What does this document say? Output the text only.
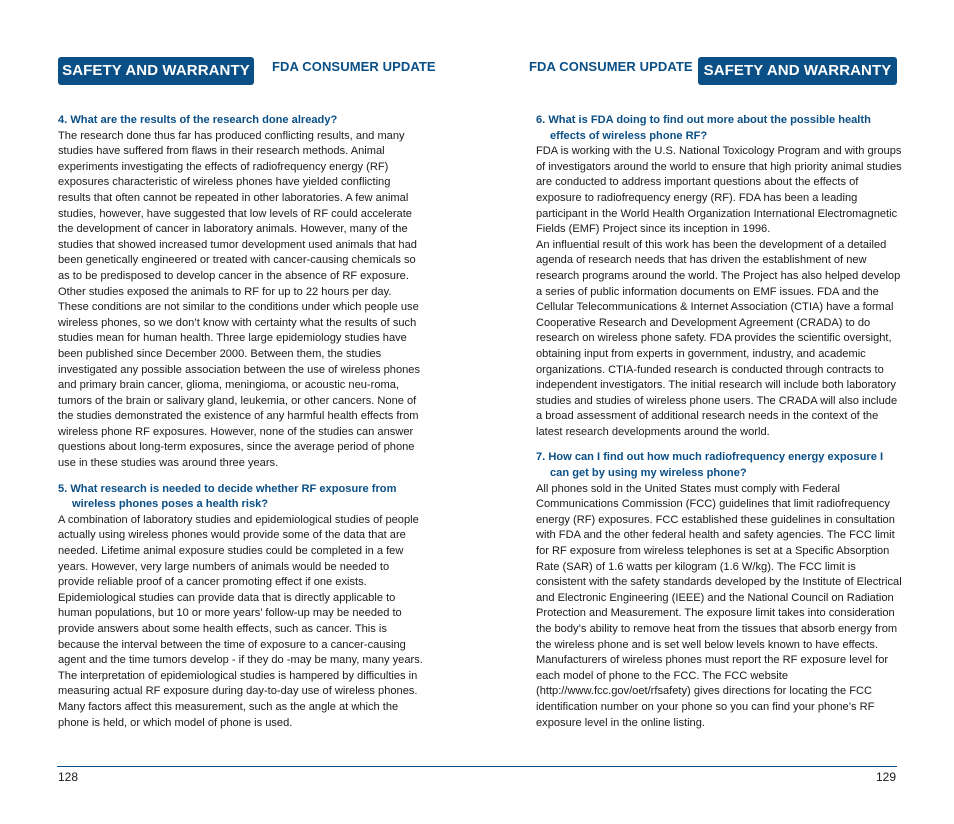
SAFETY AND WARRANTY	FDA CONSUMER UPDATE

4. What are the results of the research done already?

The research done thus far has produced conflicting results, and many studies have suffered from flaws in their research methods. Animal experiments investigating the effects of radiofrequency energy (RF) exposures characteristic of wireless phones have yielded conflicting results that often cannot be repeated in other laboratories. A few animal studies, however, have suggested that low levels of RF could accelerate the development of cancer in laboratory animals. However, many of the studies that showed increased tumor development used animals that had been genetically engineered or treated with cancer-causing chemicals so as to be predisposed to develop cancer in the absence of RF exposure. Other studies exposed the animals to RF for up to 22 hours per day. These conditions are not similar to the conditions under which people use wireless phones, so we don’t know with certainty what the results of such studies mean for human health. Three large epidemiology studies have been published since December 2000. Between them, the studies investigated any possible association between the use of wireless phones and primary brain cancer, glioma, meningioma, or acoustic neu-roma, tumors of the brain or salivary gland, leukemia, or other cancers. None of the studies demonstrated the existence of any harmful health effects from wireless phone RF exposures. However, none of the studies can answer questions about long-term exposures, since the average period of phone use in these studies was around three years.

5. What research is needed to decide whether RF exposure from wireless phones poses a health risk?

A combination of laboratory studies and epidemiological studies of people actually using wireless phones would provide some of the data that are needed. Lifetime animal exposure studies could be completed in a few years. However, very large numbers of animals would be needed to provide reliable proof of a cancer promoting effect if one exists. Epidemiological studies can provide data that is directly applicable to human populations, but 10 or more years’ follow-up may be needed to provide answers about some health effects, such as cancer. This is because the interval between the time of exposure to a cancer-causing agent and the time tumors develop - if they do -may be many, many years. The interpretation of epidemiological studies is hampered by difficulties in measuring actual RF exposure during day-to-day use of wireless phones. Many factors affect this measurement, such as the angle at which the phone is held, or which model of phone is used.

128
FDA CONSUMER UPDATE SAFETY AND WARRANTY

6. What is FDA doing to find out more about the possible health effects of wireless phone RF?

FDA is working with the U.S. National Toxicology Program and with groups of investigators around the world to ensure that high priority animal studies are conducted to address important questions about the effects of exposure to radiofrequency energy (RF). FDA has been a leading participant in the World Health Organization International Electromagnetic Fields (EMF) Project since its inception in 1996.

An influential result of this work has been the development of a detailed agenda of research needs that has driven the establishment of new research programs around the world. The Project has also helped develop a series of public information documents on EMF issues. FDA and the Cellular Telecommunications & Internet Association (CTIA) have a formal Cooperative Research and Development Agreement (CRADA) to do research on wireless phone safety. FDA provides the scientific oversight, obtaining input from experts in government, industry, and academic organizations. CTIA-funded research is conducted through contracts to independent investigators. The initial research will include both laboratory studies and studies of wireless phone users. The CRADA will also include a broad assessment of additional research needs in the context of the latest research developments around the world.

7. How can I find out how much radiofrequency energy exposure I can get by using my wireless phone?

All phones sold in the United States must comply with Federal Communications Commission (FCC) guidelines that limit radiofrequency energy (RF) exposures. FCC established these guidelines in consultation with FDA and the other federal health and safety agencies. The FCC limit for RF exposure from wireless telephones is set at a Specific Absorption Rate (SAR) of 1.6 watts per kilogram (1.6 W/kg). The FCC limit is consistent with the safety standards developed by the Institute of Electrical and Electronic Engineering (IEEE) and the National Council on Radiation Protection and Measurement. The exposure limit takes into consideration the body’s ability to remove heat from the tissues that absorb energy from the wireless phone and is set well below levels known to have effects. Manufacturers of wireless phones must report the RF exposure level for each model of phone to the FCC. The FCC website (http://www.fcc.gov/oet/rfsafety) gives directions for locating the FCC identification number on your phone so you can find your phone’s RF exposure level in the online listing.

129
